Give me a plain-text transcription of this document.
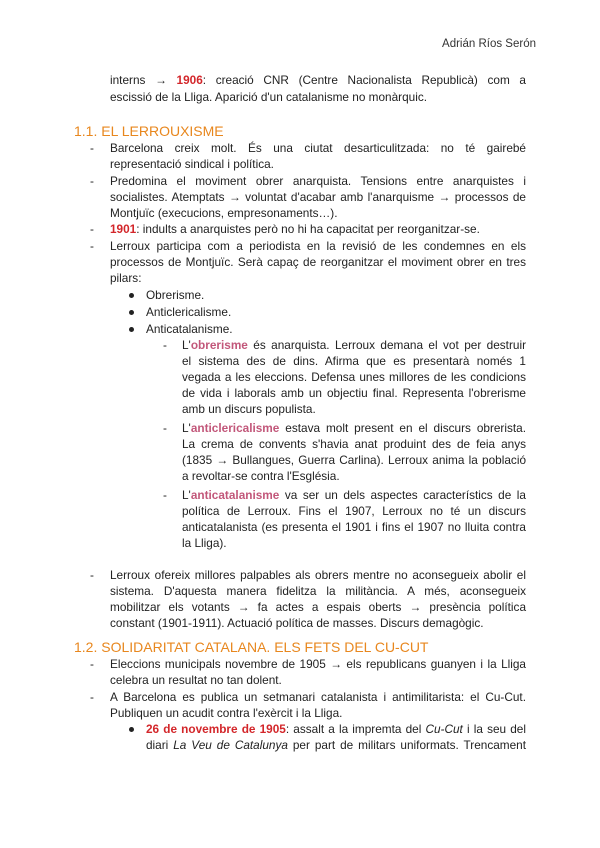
Adrián Ríos Serón
interns → 1906: creació CNR (Centre Nacionalista Republicà) com a
escissió de la Lliga. Aparició d'un catalanisme no monàrquic.
1.1. EL LERROUXISME
- Barcelona creix molt. És una ciutat desarticulitzada: no té gairebé
representació sindical i política.
- Predomina el moviment obrer anarquista. Tensions entre anarquistes i
socialistes. Atemptats → voluntat d'acabar amb l'anarquisme → processos de
Montjuïc (execucions, empresonaments…).
- 1901: indults a anarquistes però no hi ha capacitat per reorganitzar-se.
- Lerroux participa com a periodista en la revisió de les condemnes en els
processos de Montjuïc. Serà capaç de reorganitzar el moviment obrer en tres
pilars:
Obrerisme.
Anticlericalisme.
Anticatalanisme.
- L'obrerisme és anarquista. Lerroux demana el vot per destruir
el sistema des de dins. Afirma que es presentarà només 1
vegada a les eleccions. Defensa unes millores de les condicions
de vida i laborals amb un objectiu final. Representa l'obrerisme
amb un discurs populista.
- L'anticlericalisme estava molt present en el discurs obrerista.
La crema de convents s'havia anat produint des de feia anys
(1835 → Bullangues, Guerra Carlina). Lerroux anima la població
a revoltar-se contra l'Església.
- L'anticatalanisme va ser un dels aspectes característics de la
política de Lerroux. Fins el 1907, Lerroux no té un discurs
anticatalanista (es presenta el 1901 i fins el 1907 no lluita contra
la Lliga).
- Lerroux ofereix millores palpables als obrers mentre no aconsegueix abolir el
sistema. D'aquesta manera fidelitza la militància. A més, aconsegueix
mobilitzar els votants → fa actes a espais oberts → presència política
constant (1901-1911). Actuació política de masses. Discurs demagògic.
1.2. SOLIDARITAT CATALANA. ELS FETS DEL CU-CUT
- Eleccions municipals novembre de 1905 → els republicans guanyen i la Lliga
celebra un resultat no tan dolent.
- A Barcelona es publica un setmanari catalanista i antimilitarista: el Cu-Cut.
Publiquen un acudit contra l'exèrcit i la Lliga.
26 de novembre de 1905: assalt a la impremta del Cu-Cut i la seu del
diari La Veu de Catalunya per part de militars uniformats. Trencament
